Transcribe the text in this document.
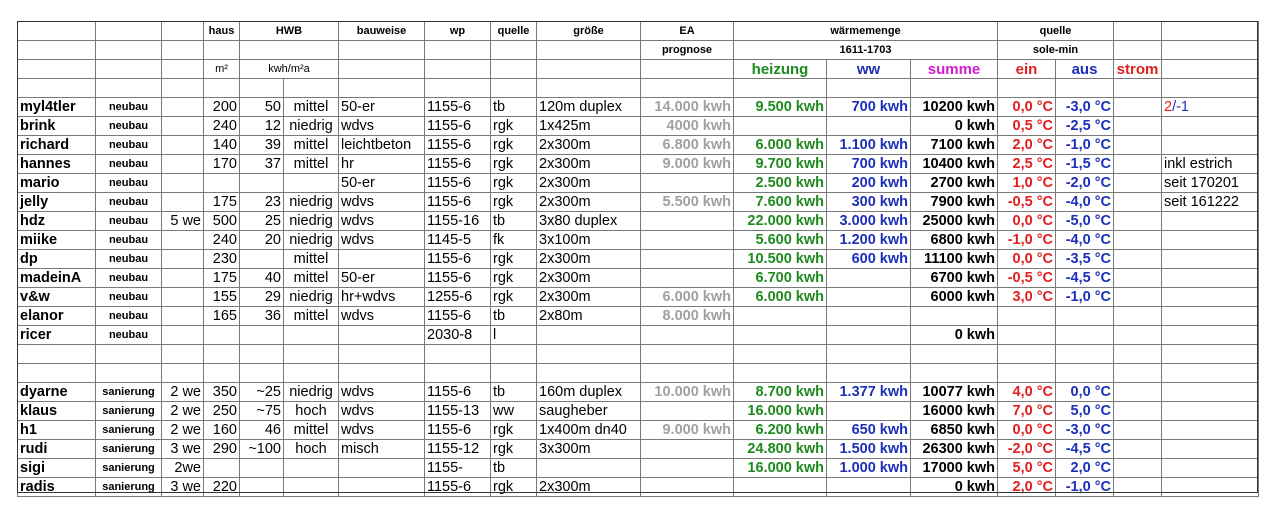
			haus	HWB		bauweise	wp	quelle	größe	EA	wärmemenge			quelle			
										prognose	1611-1703			sole-min			
			m²	kwh/m²a							heizung	ww	summe	ein	aus	strom	

myl4tler	neubau		200	50	mittel	50-er	1155-6	tb	120m duplex	14.000 kwh	9.500 kwh	700 kwh	10200 kwh	0,0 °C	-3,0 °C		2/-1
brink	neubau		240	12	niedrig	wdvs	1155-6	rgk	1x425m	4000 kwh			0 kwh	0,5 °C	-2,5 °C		
richard	neubau		140	39	mittel	leichtbeton	1155-6	rgk	2x300m	6.800 kwh	6.000 kwh	1.100 kwh	7100 kwh	2,0 °C	-1,0 °C		
hannes	neubau		170	37	mittel	hr	1155-6	rgk	2x300m	9.000 kwh	9.700 kwh	700 kwh	10400 kwh	2,5 °C	-1,5 °C		inkl estrich
mario	neubau					50-er	1155-6	rgk	2x300m		2.500 kwh	200 kwh	2700 kwh	1,0 °C	-2,0 °C		seit 170201
jelly	neubau		175	23	niedrig	wdvs	1155-6	rgk	2x300m	5.500 kwh	7.600 kwh	300 kwh	7900 kwh	-0,5 °C	-4,0 °C		seit 161222
hdz	neubau	5 we	500	25	niedrig	wdvs	1155-16	tb	3x80 duplex		22.000 kwh	3.000 kwh	25000 kwh	0,0 °C	-5,0 °C		
miike	neubau		240	20	niedrig	wdvs	1145-5	fk	3x100m		5.600 kwh	1.200 kwh	6800 kwh	-1,0 °C	-4,0 °C		
dp	neubau		230		mittel		1155-6	rgk	2x300m		10.500 kwh	600 kwh	11100 kwh	0,0 °C	-3,5 °C		
madeinA	neubau		175	40	mittel	50-er	1155-6	rgk	2x300m		6.700 kwh		6700 kwh	-0,5 °C	-4,5 °C		
v&w	neubau		155	29	niedrig	hr+wdvs	1255-6	rgk	2x300m	6.000 kwh	6.000 kwh		6000 kwh	3,0 °C	-1,0 °C		
elanor	neubau		165	36	mittel	wdvs	1155-6	tb	2x80m	8.000 kwh							
ricer	neubau						2030-8	l					0 kwh				

dyarne	sanierung	2 we	350	~25	niedrig	wdvs	1155-6	tb	160m duplex	10.000 kwh	8.700 kwh	1.377 kwh	10077 kwh	4,0 °C	0,0 °C		
klaus	sanierung	2 we	250	~75	hoch	wdvs	1155-13	ww	saugheber		16.000 kwh		16000 kwh	7,0 °C	5,0 °C		
h1	sanierung	2 we	160	46	mittel	wdvs	1155-6	rgk	1x400m dn40	9.000 kwh	6.200 kwh	650 kwh	6850 kwh	0,0 °C	-3,0 °C		
rudi	sanierung	3 we	290	~100	hoch	misch	1155-12	rgk	3x300m		24.800 kwh	1.500 kwh	26300 kwh	-2,0 °C	-4,5 °C		
sigi	sanierung	2we					1155-	tb			16.000 kwh	1.000 kwh	17000 kwh	5,0 °C	2,0 °C		
radis	sanierung	3 we	220				1155-6	rgk	2x300m				0 kwh	2,0 °C	-1,0 °C		
